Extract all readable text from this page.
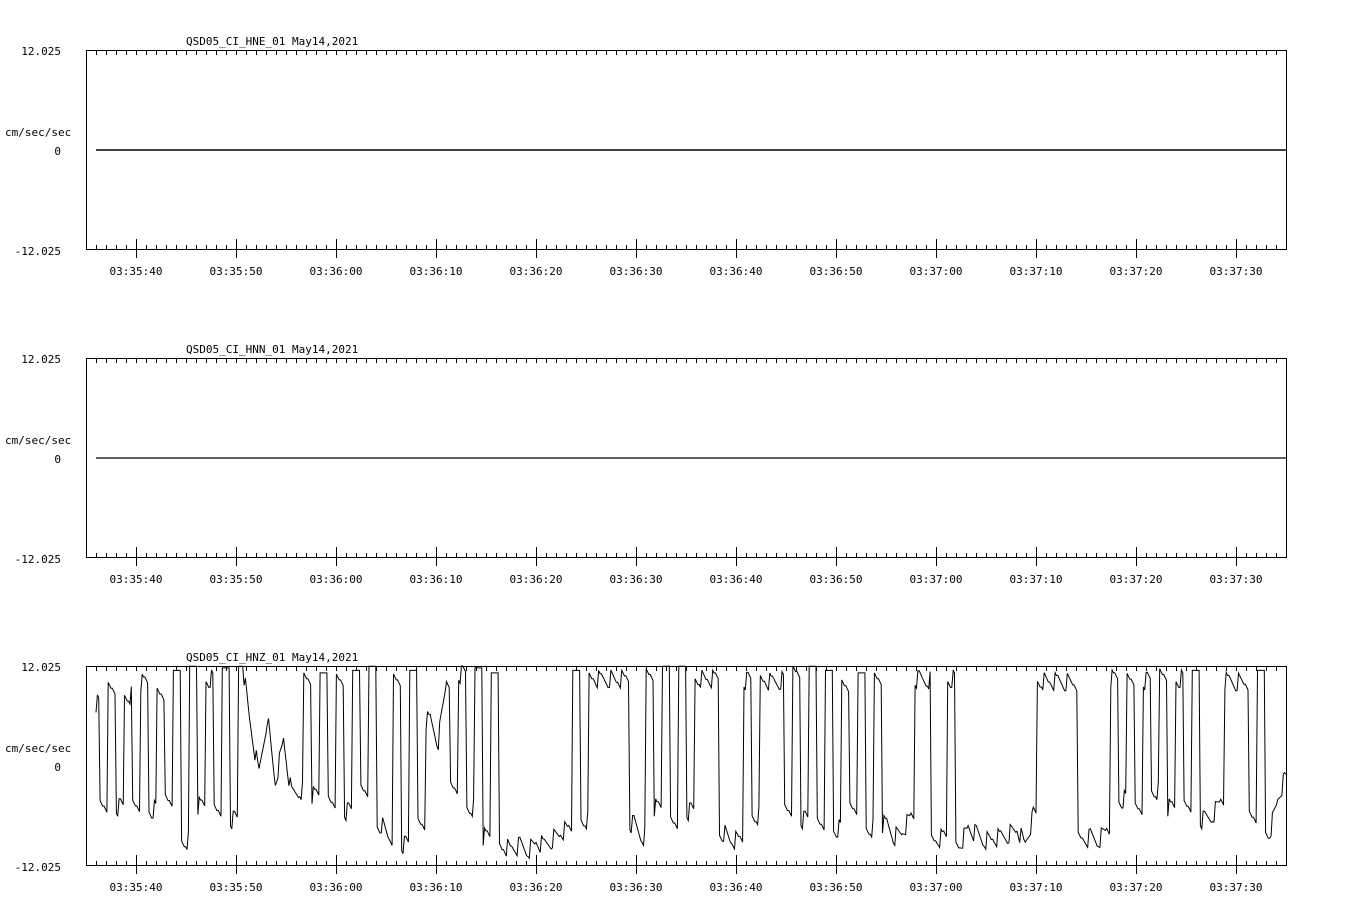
QSD05_CI_HNE_01 May14,2021
12.025
cm/sec/sec
0
-12.025
03:35:40	03:35:50	03:36:00	03:36:10	03:36:20	03:36:30	03:36:40	03:36:50	03:37:00	03:37:10	03:37:20	03:37:30
QSD05_CI_HNN_01 May14,2021
12.025
cm/sec/sec
0
-12.025
03:35:40	03:35:50	03:36:00	03:36:10	03:36:20	03:36:30	03:36:40	03:36:50	03:37:00	03:37:10	03:37:20	03:37:30
QSD05_CI_HNZ_01 May14,2021
12.025
cm/sec/sec
0
-12.025
03:35:40	03:35:50	03:36:00	03:36:10	03:36:20	03:36:30	03:36:40	03:36:50	03:37:00	03:37:10	03:37:20	03:37:30
